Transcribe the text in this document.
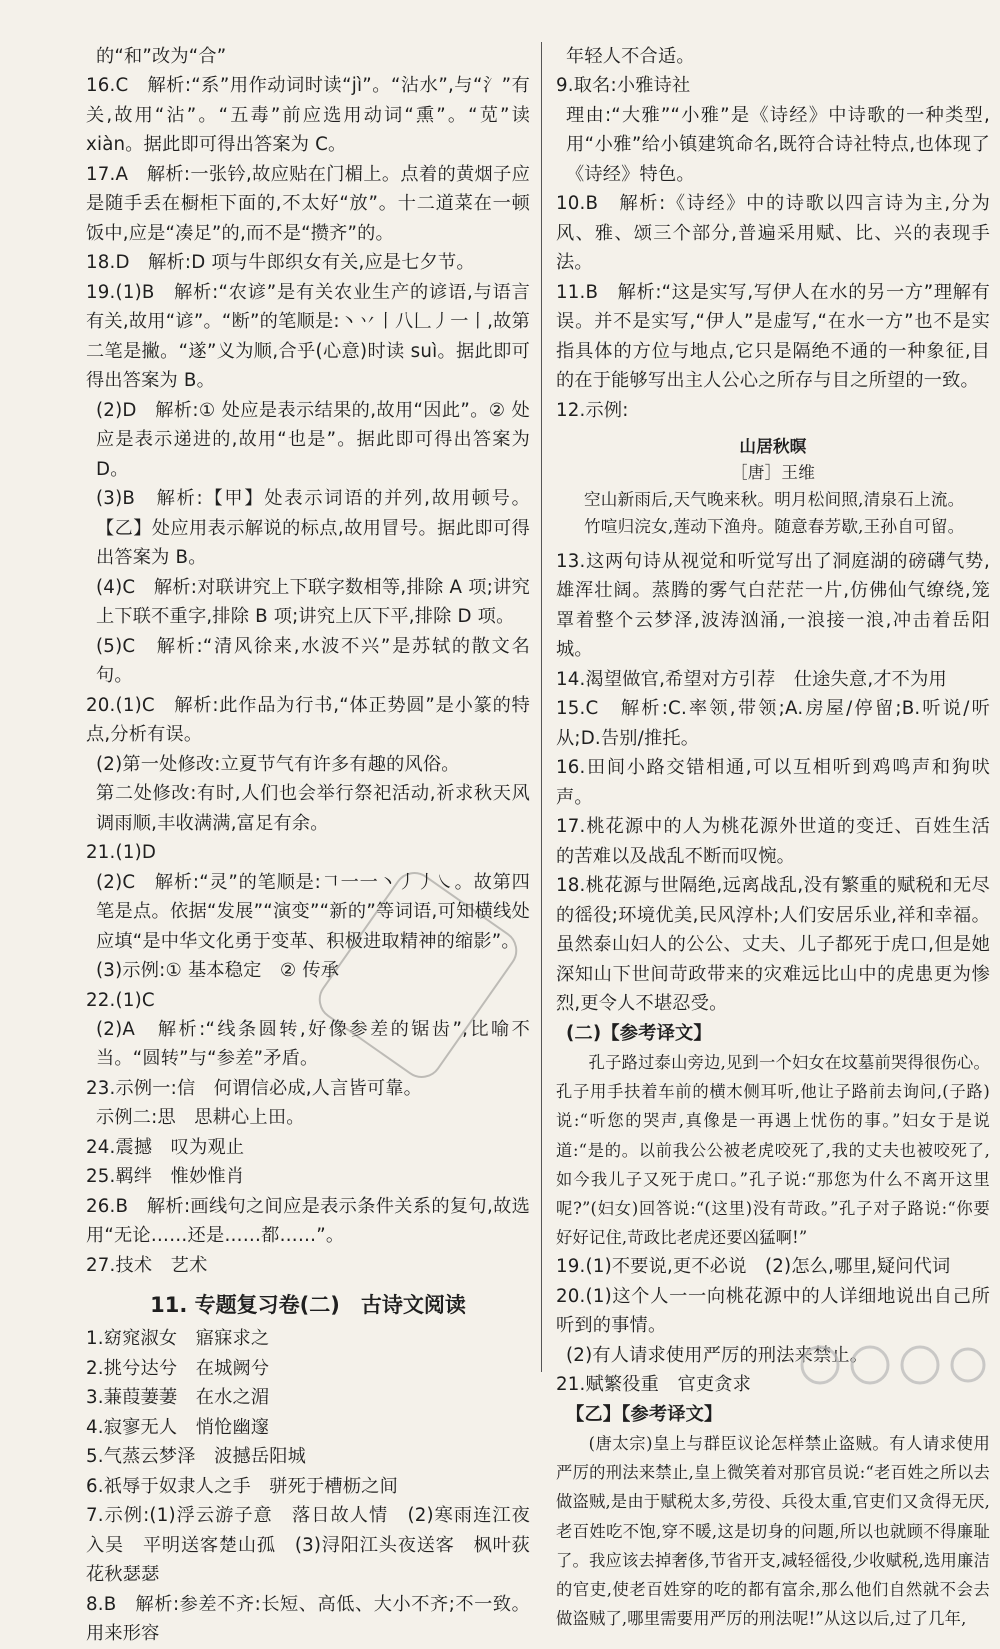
的“和”改为“合”

16.C　解析:“系”用作动词时读“jì”。“沾水”,与“氵”有关,故用“沾”。“五毒”前应选用动词“熏”。“苋”读 xiàn。据此即可得出答案为 C。

17.A　解析:一张钤,故应贴在门楣上。点着的黄烟子应是随手丢在橱柜下面的,不太好“放”。十二道菜在一顿饭中,应是“凑足”的,而不是“攒齐”的。

18.D　解析:D 项与牛郎织女有关,应是七夕节。

19.(1)B　解析:“农谚”是有关农业生产的谚语,与语言有关,故用“谚”。“断”的笔顺是:丶丷丨八𠃊丿一丨,故第二笔是撇。“遂”义为顺,合乎(心意)时读 suì。据此即可得出答案为 B。

(2)D　解析:① 处应是表示结果的,故用“因此”。② 处应是表示递进的,故用“也是”。据此即可得出答案为 D。

(3)B　解析:【甲】处表示词语的并列,故用顿号。【乙】处应用表示解说的标点,故用冒号。据此即可得出答案为 B。

(4)C　解析:对联讲究上下联字数相等,排除 A 项;讲究上下联不重字,排除 B 项;讲究上仄下平,排除 D 项。

(5)C　解析:“清风徐来,水波不兴”是苏轼的散文名句。

20.(1)C　解析:此作品为行书,“体正势圆”是小篆的特点,分析有误。

(2)第一处修改:立夏节气有许多有趣的风俗。

第二处修改:有时,人们也会举行祭祀活动,祈求秋天风调雨顺,丰收满满,富足有余。

21.(1)D

(2)C　解析:“灵”的笔顺是:𠃍一一丶丿丿㇏。故第四笔是点。依据“发展”“演变”“新的”等词语,可知横线处应填“是中华文化勇于变革、积极进取精神的缩影”。

(3)示例:① 基本稳定　② 传承

22.(1)C

(2)A　解析:“线条圆转,好像参差的锯齿”,比喻不当。“圆转”与“参差”矛盾。

23.示例一:信　何谓信必成,人言皆可靠。

示例二:思　思耕心上田。

24.震撼　叹为观止

25.羁绊　惟妙惟肖

26.B　解析:画线句之间应是表示条件关系的复句,故选用“无论……还是……都……”。

27.技术　艺术

11. 专题复习卷(二)　古诗文阅读

1.窈窕淑女　寤寐求之

2.挑兮达兮　在城阙兮

3.蒹葭萋萋　在水之湄

4.寂寥无人　悄怆幽邃

5.气蒸云梦泽　波撼岳阳城

6.祇辱于奴隶人之手　骈死于槽枥之间

7.示例:(1)浮云游子意　落日故人情　(2)寒雨连江夜入吴　平明送客楚山孤　(3)浔阳江头夜送客　枫叶荻花秋瑟瑟

8.B　解析:参差不齐:长短、高低、大小不齐;不一致。用来形容

年轻人不合适。

9.取名:小雅诗社

理由:“大雅”“小雅”是《诗经》中诗歌的一种类型,用“小雅”给小镇建筑命名,既符合诗社特点,也体现了《诗经》特色。

10.B　解析:《诗经》中的诗歌以四言诗为主,分为风、雅、颂三个部分,普遍采用赋、比、兴的表现手法。

11.B　解析:“这是实写,写伊人在水的另一方”理解有误。并不是实写,“伊人”是虚写,“在水一方”也不是实指具体的方位与地点,它只是隔绝不通的一种象征,目的在于能够写出主人公心之所存与目之所望的一致。

12.示例:

山居秋暝

［唐］王维

空山新雨后,天气晚来秋。明月松间照,清泉石上流。

竹喧归浣女,莲动下渔舟。随意春芳歇,王孙自可留。

13.这两句诗从视觉和听觉写出了洞庭湖的磅礴气势,雄浑壮阔。蒸腾的雾气白茫茫一片,仿佛仙气缭绕,笼罩着整个云梦泽,波涛汹涌,一浪接一浪,冲击着岳阳城。

14.渴望做官,希望对方引荐　仕途失意,才不为用

15.C　解析:C.率领,带领;A.房屋/停留;B.听说/听从;D.告别/推托。

16.田间小路交错相通,可以互相听到鸡鸣声和狗吠声。

17.桃花源中的人为桃花源外世道的变迁、百姓生活的苦难以及战乱不断而叹惋。

18.桃花源与世隔绝,远离战乱,没有繁重的赋税和无尽的徭役;环境优美,民风淳朴;人们安居乐业,祥和幸福。虽然泰山妇人的公公、丈夫、儿子都死于虎口,但是她深知山下世间苛政带来的灾难远比山中的虎患更为惨烈,更令人不堪忍受。

(二)【参考译文】

孔子路过泰山旁边,见到一个妇女在坟墓前哭得很伤心。孔子用手扶着车前的横木侧耳听,他让子路前去询问,(子路)说:“听您的哭声,真像是一再遇上忧伤的事。”妇女于是说道:“是的。以前我公公被老虎咬死了,我的丈夫也被咬死了,如今我儿子又死于虎口。”孔子说:“那您为什么不离开这里呢?”(妇女)回答说:“(这里)没有苛政。”孔子对子路说:“你要好好记住,苛政比老虎还要凶猛啊!”

19.(1)不要说,更不必说　(2)怎么,哪里,疑问代词

20.(1)这个人一一向桃花源中的人详细地说出自己所听到的事情。

(2)有人请求使用严厉的刑法来禁止。

21.赋繁役重　官吏贪求

【乙】【参考译文】

(唐太宗)皇上与群臣议论怎样禁止盗贼。有人请求使用严厉的刑法来禁止,皇上微笑着对那官员说:“老百姓之所以去做盗贼,是由于赋税太多,劳役、兵役太重,官吏们又贪得无厌,老百姓吃不饱,穿不暖,这是切身的问题,所以也就顾不得廉耻了。我应该去掉奢侈,节省开支,减轻徭役,少收赋税,选用廉洁的官吏,使老百姓穿的吃的都有富余,那么他们自然就不会去做盗贼了,哪里需要用严厉的刑法呢!”从这以后,过了几年,
